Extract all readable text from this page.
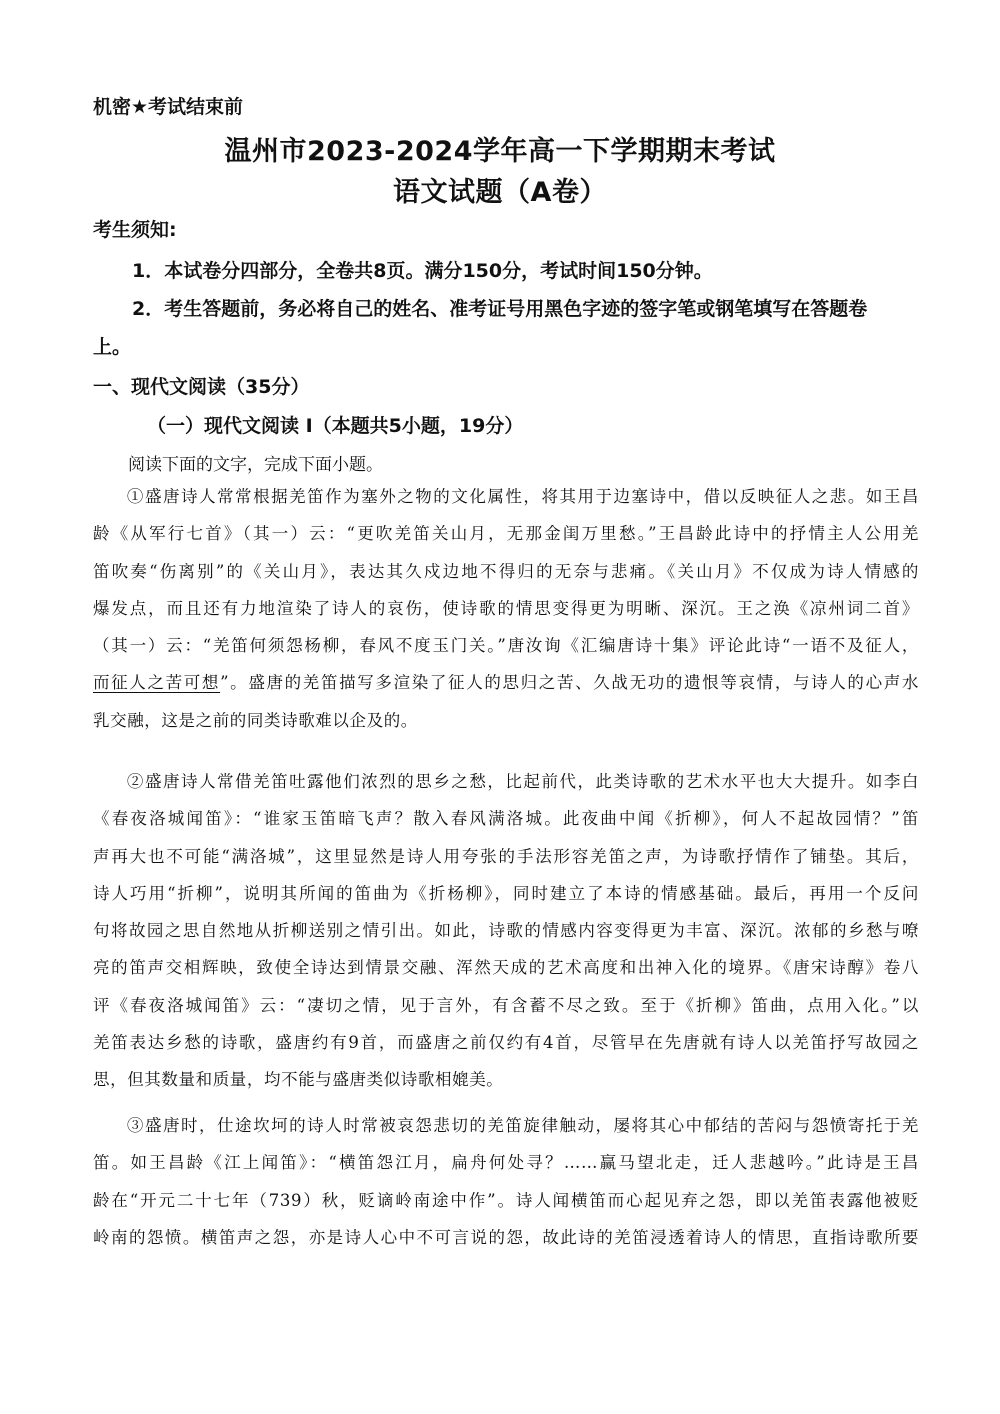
机密★考试结束前
温州市2023-2024学年高一下学期期末考试
语文试题（A卷）
考生须知:
1．本试卷分四部分，全卷共8页。满分150分，考试时间150分钟。
2．考生答题前，务必将自己的姓名、准考证号用黑色字迹的签字笔或钢笔填写在答题卷
上。
一、现代文阅读（35分）
（一）现代文阅读 I（本题共5小题，19分）
阅读下面的文字，完成下面小题。
①盛唐诗人常常根据羌笛作为塞外之物的文化属性，将其用于边塞诗中，借以反映征人之悲。如王昌
龄《从军行七首》（其一）云：“更吹羌笛关山月，无那金闺万里愁。”王昌龄此诗中的抒情主人公用羌
笛吹奏“伤离别”的《关山月》，表达其久戍边地不得归的无奈与悲痛。《关山月》不仅成为诗人情感的
爆发点，而且还有力地渲染了诗人的哀伤，使诗歌的情思变得更为明晰、深沉。王之涣《凉州词二首》
（其一）云：“羌笛何须怨杨柳，春风不度玉门关。”唐汝询《汇编唐诗十集》评论此诗“一语不及征人，
而征人之苦可想”。盛唐的羌笛描写多渲染了征人的思归之苦、久战无功的遗恨等哀情，与诗人的心声水
乳交融，这是之前的同类诗歌难以企及的。
②盛唐诗人常借羌笛吐露他们浓烈的思乡之愁，比起前代，此类诗歌的艺术水平也大大提升。如李白
《春夜洛城闻笛》：“谁家玉笛暗飞声？散入春风满洛城。此夜曲中闻《折柳》，何人不起故园情？”笛
声再大也不可能“满洛城”，这里显然是诗人用夸张的手法形容羌笛之声，为诗歌抒情作了铺垫。其后，
诗人巧用“折柳”，说明其所闻的笛曲为《折杨柳》，同时建立了本诗的情感基础。最后，再用一个反问
句将故园之思自然地从折柳送别之情引出。如此，诗歌的情感内容变得更为丰富、深沉。浓郁的乡愁与嘹
亮的笛声交相辉映，致使全诗达到情景交融、浑然天成的艺术高度和出神入化的境界。《唐宋诗醇》卷八
评《春夜洛城闻笛》云：“凄切之情，见于言外，有含蓄不尽之致。至于《折柳》笛曲，点用入化。”以
羌笛表达乡愁的诗歌，盛唐约有9首，而盛唐之前仅约有4首，尽管早在先唐就有诗人以羌笛抒写故园之
思，但其数量和质量，均不能与盛唐类似诗歌相媲美。
③盛唐时，仕途坎坷的诗人时常被哀怨悲切的羌笛旋律触动，屡将其心中郁结的苦闷与怨愤寄托于羌
笛。如王昌龄《江上闻笛》：“横笛怨江月，扁舟何处寻？……赢马望北走，迁人悲越吟。”此诗是王昌
龄在“开元二十七年（739）秋，贬谪岭南途中作”。诗人闻横笛而心起见弃之怨，即以羌笛表露他被贬
岭南的怨愤。横笛声之怨，亦是诗人心中不可言说的怨，故此诗的羌笛浸透着诗人的情思，直指诗歌所要
